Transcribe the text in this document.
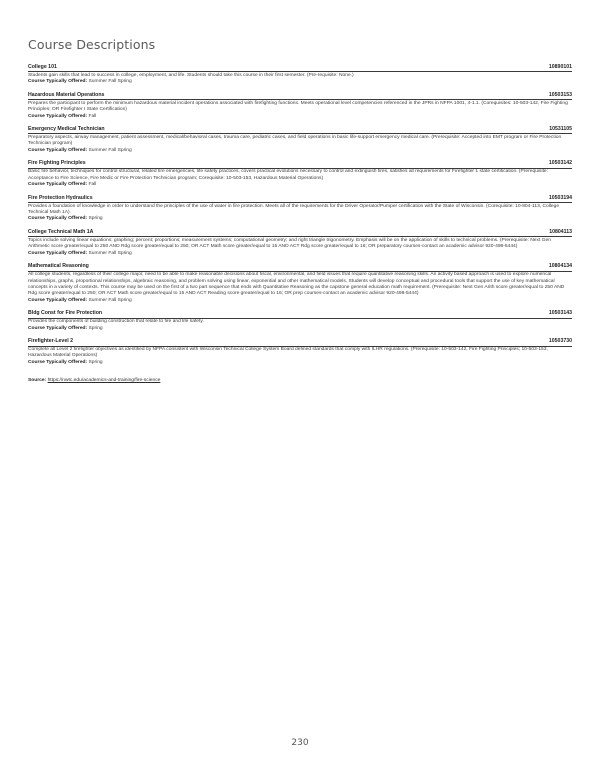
Course Descriptions
College 101	10890101
Students gain skills that lead to success in college, employment, and life. Students should take this course in their first semester. (Pre-requisite: None.)
Course Typically Offered: Summer Fall Spring
Hazardous Material Operations	10503153
Prepares the participant to perform the minimum hazardous material incident operations associated with firefighting functions. Meets operational level competencies referenced in the JPRs in NFPA 1001, 4-1.1. (Corequisites: 10-503-142, Fire Fighting Principles; OR Firefighter I State Certification)
Course Typically Offered: Fall
Emergency Medical Technician	10531105
Preparatory aspects, airway management, patient assessment, medical/behavioral cases, trauma care, pediatric cases, and field operations in basic life-support emergency medical care. (Prerequisite: Accepted into EMT program or Fire Protection Technician program)
Course Typically Offered: Summer Fall Spring
Fire Fighting Principles	10503142
Basic fire behavior, techniques for control structural, related fire emergencies, life safety practices, covers practical evolutions necessary to control and extinguish fires, satisfies all requirements for Firefighter 1 state certification. (Prerequisite: Acceptance to Fire Science, Fire Medic or Fire Protection Technician program; Corequisite: 10-503-153, Hazardous Material Operations)
Course Typically Offered: Fall
Fire Protection Hydraulics	10503194
Provides a foundation of knowledge in order to understand the principles of the use of water in fire protection. Meets all of the requirements for the Driver Operator/Pumper certification with the State of Wisconsin. (Corequisite: 10-804-113, College Technical Math 1A)
Course Typically Offered: Spring
College Technical Math 1A	10804113
Topics include solving linear equations; graphing; percent; proportions; measurement systems; computational geometry; and right triangle trigonometry. Emphasis will be on the application of skills to technical problems. (Prerequisite: Next Gen Arithmetic score greater/equal to 250 AND Rdg score greater/equal to 250; OR ACT Math score greater/equal to 15 AND ACT Rdg score greater/equal to 16; OR preparatory courses-contact an academic advisor 920-498-5444)
Course Typically Offered: Summer Fall Spring
Mathematical Reasoning	10804134
All college students, regardless of their college major, need to be able to make reasonable decisions about fiscal, environmental, and field issues that require quantitative reasoning skills. An activity based approach is used to explore numerical relationships, graphs, proportional relationships, algebraic reasoning, and problem solving using linear, exponential and other mathematical models. Students will develop conceptual and procedural tools that support the use of key mathematical concepts in a variety of contexts. This course may be used on the first of a two part sequence that ends with Quantitative Reasoning as the capstone general education math requirement. (Prerequisite: Next Gen Arith score greater/equal to 250 AND Rdg score greater/equal to 250; OR ACT Math score greater/equal to 15 AND ACT Reading score greater/equal to 16; OR prep courses-contact an academic advisor 920-498-5444)
Course Typically Offered: Summer Fall Spring
Bldg Const for Fire Protection	10503143
Provides the components of building construction that relate to fire and life safety.
Course Typically Offered: Spring
Firefighter-Level 2	10503730
Complete all Level 2 firefighter objectives as identified by NFPA consistent with Wisconsin Technical College System Board defined standards that comply with ILHR regulations. (Prerequisite: 10-503-142, Fire Fighting Principles; 10-503-153, Hazardous Material Operations)
Course Typically Offered: Spring
Source: https://nwtc.edu/academics-and-training/fire-science
230
